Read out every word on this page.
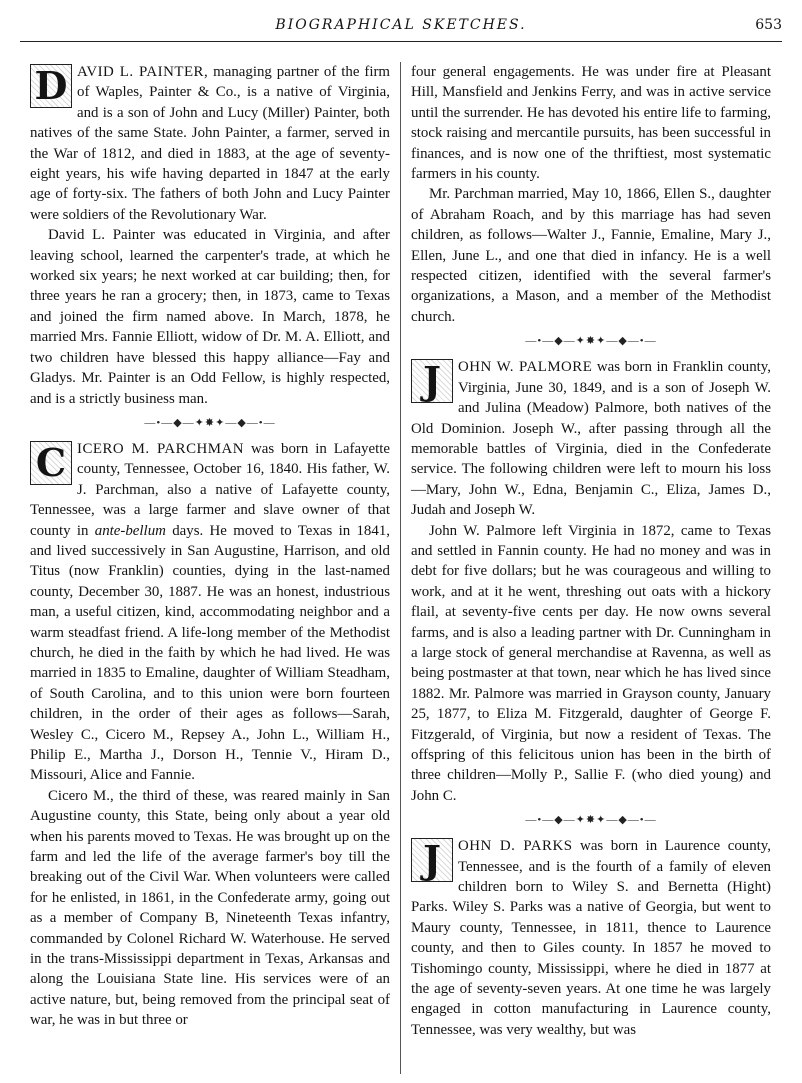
BIOGRAPHICAL SKETCHES.	653

D AVID L. PAINTER, managing partner of the firm of Waples, Painter & Co., is a native of Virginia, and is a son of John and Lucy (Miller) Painter, both natives of the same State. John Painter, a farmer, served in the War of 1812, and died in 1883, at the age of seventy-eight years, his wife having departed in 1847 at the early age of forty-six. The fathers of both John and Lucy Painter were soldiers of the Revolutionary War.

David L. Painter was educated in Virginia, and after leaving school, learned the carpenter's trade, at which he worked six years; he next worked at car building; then, for three years he ran a grocery; then, in 1873, came to Texas and joined the firm named above. In March, 1878, he married Mrs. Fannie Elliott, widow of Dr. M. A. Elliott, and two children have blessed this happy alliance—Fay and Gladys. Mr. Painter is an Odd Fellow, is highly respected, and is a strictly business man.

—•—◆—✦✸✦—◆—•—

C ICERO M. PARCHMAN was born in Lafayette county, Tennessee, October 16, 1840. His father, W. J. Parchman, also a native of Lafayette county, Tennessee, was a large farmer and slave owner of that county in ante-bellum days. He moved to Texas in 1841, and lived successively in San Augustine, Harrison, and old Titus (now Franklin) counties, dying in the last-named county, December 30, 1887. He was an honest, industrious man, a useful citizen, kind, accommodating neighbor and a warm steadfast friend. A life-long member of the Methodist church, he died in the faith by which he had lived. He was married in 1835 to Emaline, daughter of William Steadham, of South Carolina, and to this union were born fourteen children, in the order of their ages as follows—Sarah, Wesley C., Cicero M., Repsey A., John L., William H., Philip E., Martha J., Dorson H., Tennie V., Hiram D., Missouri, Alice and Fannie.

Cicero M., the third of these, was reared mainly in San Augustine county, this State, being only about a year old when his parents moved to Texas. He was brought up on the farm and led the life of the average farmer's boy till the breaking out of the Civil War. When volunteers were called for he enlisted, in 1861, in the Confederate army, going out as a member of Company B, Nineteenth Texas infantry, commanded by Colonel Richard W. Waterhouse. He served in the trans-Mississippi department in Texas, Arkansas and along the Louisiana State line. His services were of an active nature, but, being removed from the principal seat of war, he was in but three or

four general engagements. He was under fire at Pleasant Hill, Mansfield and Jenkins Ferry, and was in active service until the surrender. He has devoted his entire life to farming, stock raising and mercantile pursuits, has been successful in finances, and is now one of the thriftiest, most systematic farmers in his county.

Mr. Parchman married, May 10, 1866, Ellen S., daughter of Abraham Roach, and by this marriage has had seven children, as follows—Walter J., Fannie, Emaline, Mary J., Ellen, June L., and one that died in infancy. He is a well respected citizen, identified with the several farmer's organizations, a Mason, and a member of the Methodist church.

—•—◆—✦✸✦—◆—•—

J	OHN W. PALMORE was born in Franklin county, Virginia, June 30, 1849, and is a son of Joseph W. and Julina (Meadow) Palmore, both natives of the Old Dominion. Joseph W., after passing through all the memorable battles of Virginia, died in the Confederate service. The following children were left to mourn his loss—Mary, John W., Edna, Benjamin C., Eliza, James D., Judah and Joseph W.

John W. Palmore left Virginia in 1872, came to Texas and settled in Fannin county. He had no money and was in debt for five dollars; but he was courageous and willing to work, and at it he went, threshing out oats with a hickory flail, at seventy-five cents per day. He now owns several farms, and is also a leading partner with Dr. Cunningham in a large stock of general merchandise at Ravenna, as well as being postmaster at that town, near which he has lived since 1882. Mr. Palmore was married in Grayson county, January 25, 1877, to Eliza M. Fitzgerald, daughter of George F. Fitzgerald, of Virginia, but now a resident of Texas. The offspring of this felicitous union has been in the birth of three children—Molly P., Sallie F. (who died young) and John C.

—•—◆—✦✸✦—◆—•—

J	OHN D. PARKS was born in Laurence county, Tennessee, and is the fourth of a family of eleven children born to Wiley S. and Bernetta (Hight) Parks. Wiley S. Parks was a native of Georgia, but went to Maury county, Tennessee, in 1811, thence to Laurence county, and then to Giles county. In 1857 he moved to Tishomingo county, Mississippi, where he died in 1877 at the age of seventy-seven years. At one time he was largely engaged in cotton manufacturing in Laurence county, Tennessee, was very wealthy, but was
